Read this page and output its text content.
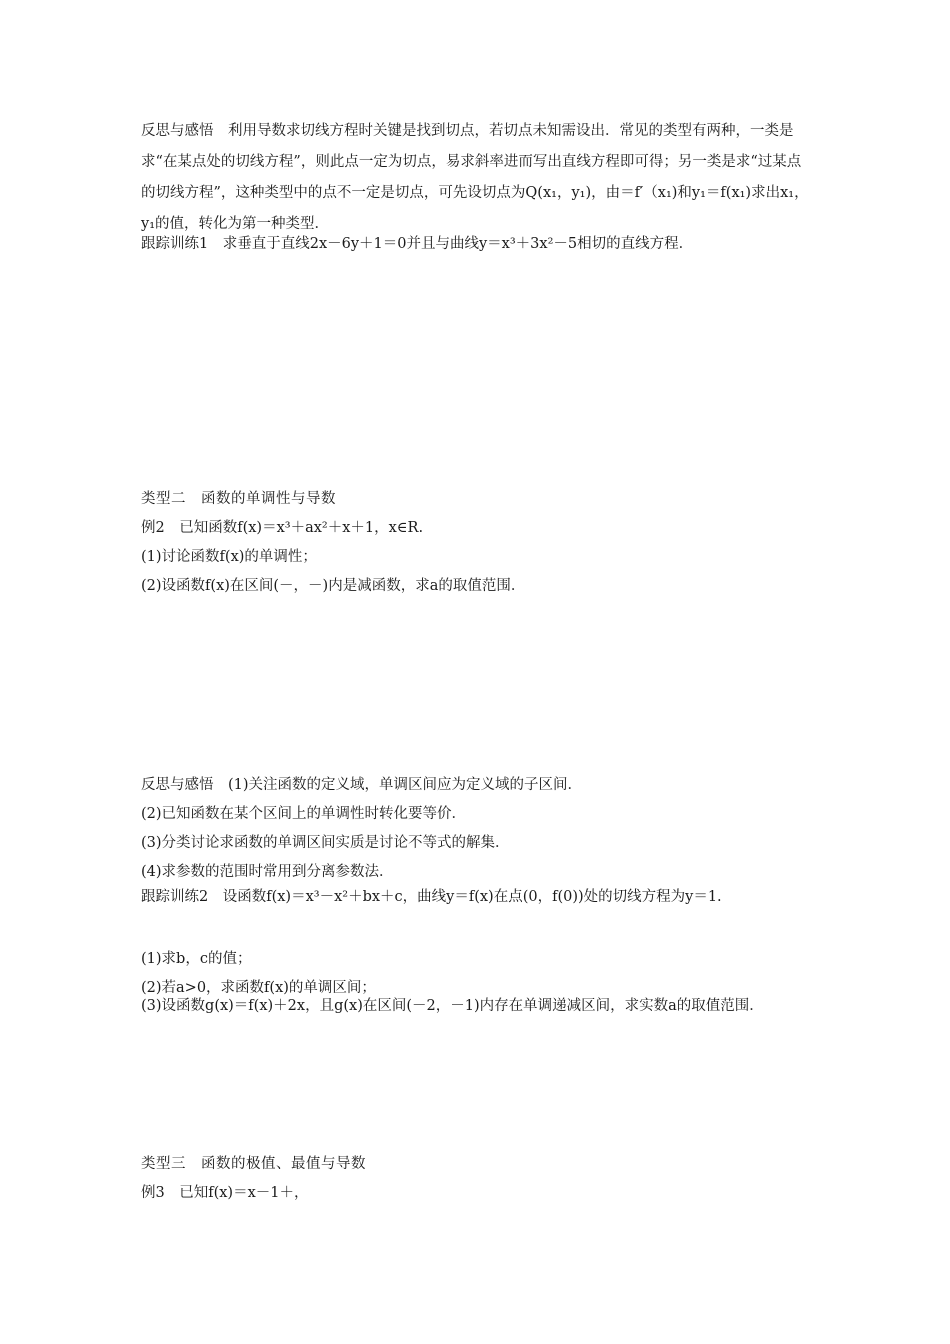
反思与感悟　利用导数求切线方程时关键是找到切点，若切点未知需设出．常见的类型有两种，一类是求“在某点处的切线方程”，则此点一定为切点，易求斜率进而写出直线方程即可得；另一类是求“过某点的切线方程”，这种类型中的点不一定是切点，可先设切点为Q(x₁，y₁)，由＝f′（x₁)和y₁＝f(x₁)求出x₁，y₁的值，转化为第一种类型．

跟踪训练1　求垂直于直线2x－6y＋1＝0并且与曲线y＝x³＋3x²－5相切的直线方程．

类型二　函数的单调性与导数

例2　已知函数f(x)＝x³＋ax²＋x＋1，x∈R.

(1)讨论函数f(x)的单调性；

(2)设函数f(x)在区间(－，－)内是减函数，求a的取值范围．

反思与感悟　(1)关注函数的定义域，单调区间应为定义域的子区间．

(2)已知函数在某个区间上的单调性时转化要等价．

(3)分类讨论求函数的单调区间实质是讨论不等式的解集．

(4)求参数的范围时常用到分离参数法．

跟踪训练2　设函数f(x)＝x³－x²＋bx＋c，曲线y＝f(x)在点(0，f(0))处的切线方程为y＝1.

(1)求b，c的值；

(2)若a>0，求函数f(x)的单调区间；

(3)设函数g(x)＝f(x)＋2x，且g(x)在区间(－2，－1)内存在单调递减区间，求实数a的取值范围．

类型三　函数的极值、最值与导数

例3　已知f(x)＝x－1＋，
